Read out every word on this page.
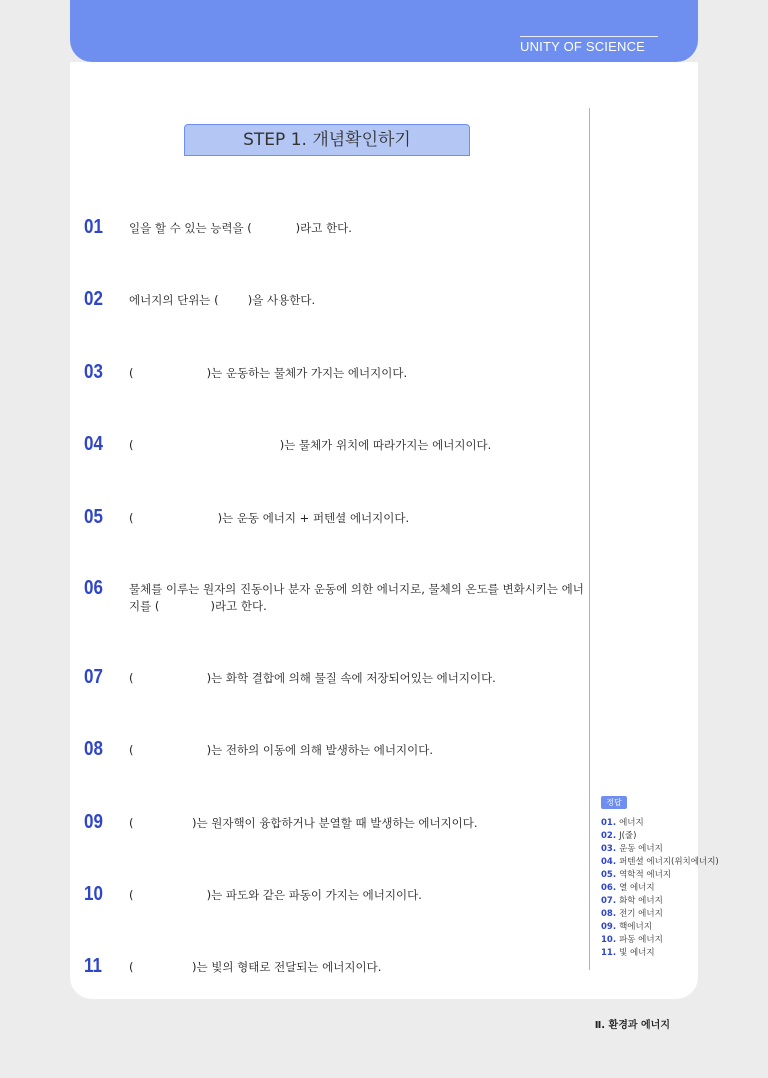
UNITY OF SCIENCE
STEP 1. 개념확인하기
01	일을 할 수 있는 능력을 (            )라고 한다.
02	에너지의 단위는 (        )을 사용한다.
03	(                    )는 운동하는 물체가 가지는 에너지이다.
04	(                                        )는 물체가 위치에 따라가지는 에너지이다.
05	(                       )는 운동 에너지 + 퍼텐셜 에너지이다.
06	물체를 이루는 원자의 진동이나 분자 운동에 의한 에너지로, 물체의 온도를 변화시키는 에너
지를 (              )라고 한다.
07	(                    )는 화학 결합에 의해 물질 속에 저장되어있는 에너지이다.
08	(                    )는 전하의 이동에 의해 발생하는 에너지이다.
09	(                )는 원자핵이 융합하거나 분열할 때 발생하는 에너지이다.
10	(                    )는 파도와 같은 파동이 가지는 에너지이다.
11	(                )는 빛의 형태로 전달되는 에너지이다.
정답
01. 에너지
02. J(줄)
03. 운동 에너지
04. 퍼텐셜 에너지(위치에너지)
05. 역학적 에너지
06. 열 에너지
07. 화학 에너지
08. 전기 에너지
09. 핵에너지
10. 파동 에너지
11. 빛 에너지
Ⅱ. 환경과 에너지
